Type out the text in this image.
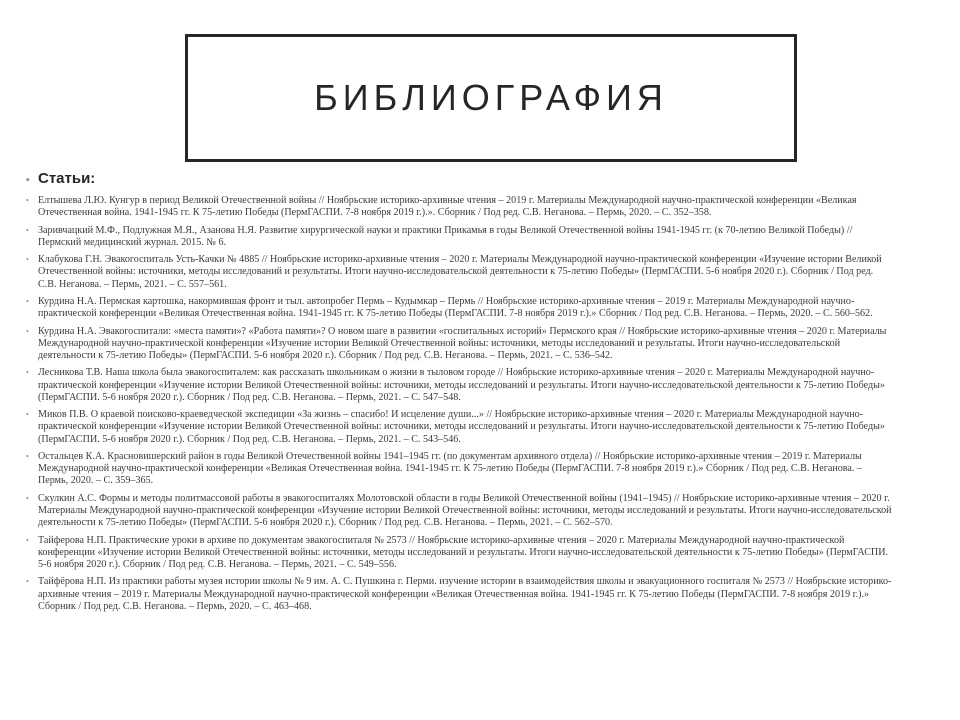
БИБЛИОГРАФИЯ
• Статьи:
• Елтышева Л.Ю. Кунгур в период Великой Отечественной войны // Ноябрьские историко-архивные чтения – 2019 г. Материалы Международной научно-практической конференции «Великая Отечественная война. 1941-1945 гг. К 75-летию Победы (ПермГАСПИ. 7-8 ноября 2019 г.).». Сборник / Под ред. С.В. Неганова. – Пермь, 2020. – С. 352–358.
• Заривчацкий М.Ф., Подлужная М.Я., Азанова Н.Я. Развитие хирургической науки и практики Прикамья в годы Великой Отечественной войны 1941-1945 гг. (к 70-летию Великой Победы) // Пермский медицинский журнал. 2015. № 6.
• Клабукова Г.Н. Эвакогоспиталь Усть-Качки № 4885 // Ноябрьские историко-архивные чтения – 2020 г. Материалы Международной научно-практической конференции «Изучение истории Великой Отечественной войны: источники, методы исследований и результаты. Итоги научно-исследовательской деятельности к 75-летию Победы» (ПермГАСПИ. 5-6 ноября 2020 г.). Сборник / Под ред. С.В. Неганова. – Пермь, 2021. – С. 557–561.
• Курдина Н.А. Пермская картошка, накормившая фронт и тыл. автопробег Пермь – Кудымкар – Пермь // Ноябрьские историко-архивные чтения – 2019 г. Материалы Международной научно-практической конференции «Великая Отечественная война. 1941-1945 гг. К 75-летию Победы (ПермГАСПИ. 7-8 ноября 2019 г.).» Сборник / Под ред. С.В. Неганова. – Пермь, 2020. – С. 560–562.
• Курдина Н.А. Эвакогоспитали: «места памяти»? «Работа памяти»? О новом шаге в развитии «госпитальных историй» Пермского края // Ноябрьские историко-архивные чтения – 2020 г. Материалы Международной научно-практической конференции «Изучение истории Великой Отечественной войны: источники, методы исследований и результаты. Итоги научно-исследовательской деятельности к 75-летию Победы» (ПермГАСПИ. 5-6 ноября 2020 г.). Сборник / Под ред. С.В. Неганова. – Пермь, 2021. – С. 536–542.
• Лесникова Т.В. Наша школа была эвакогоспиталем: как рассказать школьникам о жизни в тыловом городе // Ноябрьские историко-архивные чтения – 2020 г. Материалы Международной научно-практической конференции «Изучение истории Великой Отечественной войны: источники, методы исследований и результаты. Итоги научно-исследовательской деятельности к 75-летию Победы» (ПермГАСПИ. 5-6 ноября 2020 г.). Сборник / Под ред. С.В. Неганова. – Пермь, 2021. – С. 547–548.
• Миков П.В. О краевой поисково-краеведческой экспедиции «За жизнь – спасибо! И исцеление души...» // Ноябрьские историко-архивные чтения – 2020 г. Материалы Международной научно-практической конференции «Изучение истории Великой Отечественной войны: источники, методы исследований и результаты. Итоги научно-исследовательской деятельности к 75-летию Победы» (ПермГАСПИ. 5-6 ноября 2020 г.). Сборник / Под ред. С.В. Неганова. – Пермь, 2021. – С. 543–546.
• Остальцев К.А. Красновишерский район в годы Великой Отечественной войны 1941–1945 гг. (по документам архивного отдела) // Ноябрьские историко-архивные чтения – 2019 г. Материалы Международной научно-практической конференции «Великая Отечественная война. 1941-1945 гг. К 75-летию Победы (ПермГАСПИ. 7-8 ноября 2019 г.).» Сборник / Под ред. С.В. Неганова. – Пермь, 2020. – С. 359–365.
• Скулкин А.С. Формы и методы политмассовой работы в эвакогоспиталях Молотовской области в годы Великой Отечественной войны (1941–1945) // Ноябрьские историко-архивные чтения – 2020 г. Материалы Международной научно-практической конференции «Изучение истории Великой Отечественной войны: источники, методы исследований и результаты. Итоги научно-исследовательской деятельности к 75-летию Победы» (ПермГАСПИ. 5-6 ноября 2020 г.). Сборник / Под ред. С.В. Неганова. – Пермь, 2021. – С. 562–570.
• Тайферова Н.П. Практические уроки в архиве по документам эвакогоспиталя № 2573 // Ноябрьские историко-архивные чтения – 2020 г. Материалы Международной научно-практической конференции «Изучение истории Великой Отечественной войны: источники, методы исследований и результаты. Итоги научно-исследовательской деятельности к 75-летию Победы» (ПермГАСПИ. 5-6 ноября 2020 г.). Сборник / Под ред. С.В. Неганова. – Пермь, 2021. – С. 549–556.
• Тайфёрова Н.П. Из практики работы музея истории школы № 9 им. А. С. Пушкина г. Перми. изучение истории в взаимодействия школы и эвакуационного госпиталя № 2573 // Ноябрьские историко-архивные чтения – 2019 г. Материалы Международной научно-практической конференции «Великая Отечественная война. 1941-1945 гг. К 75-летию Победы (ПермГАСПИ. 7-8 ноября 2019 г.).» Сборник / Под ред. С.В. Неганова. – Пермь, 2020. – С. 463–468.
